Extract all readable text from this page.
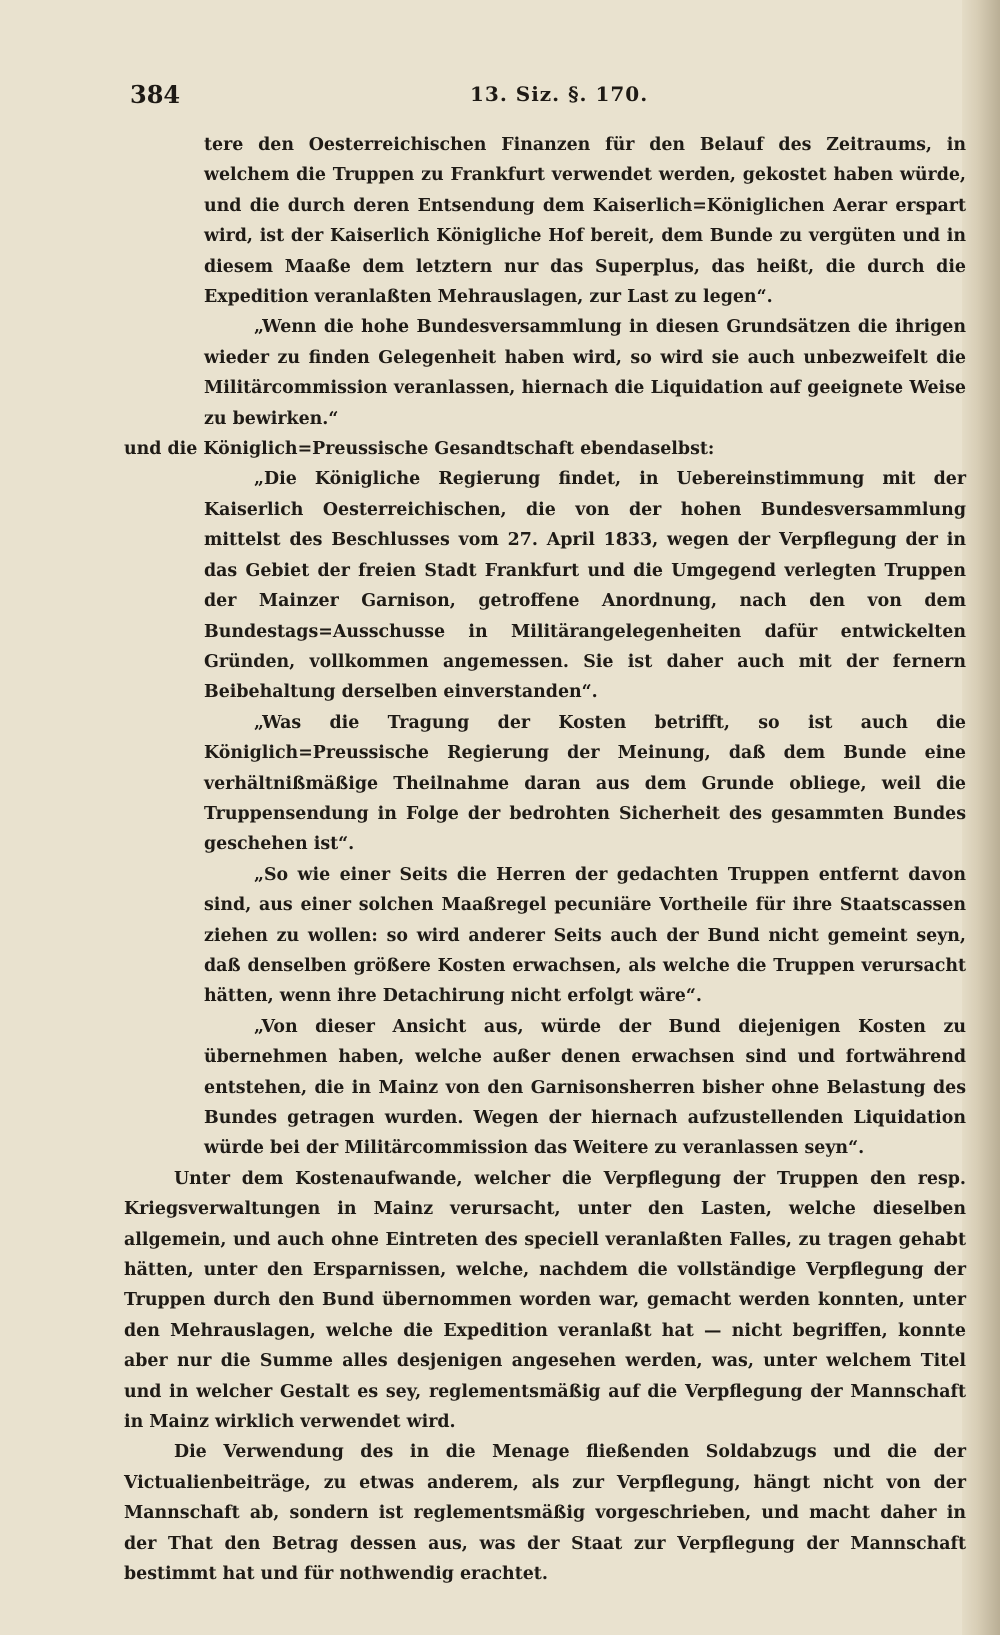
384	13. Siz. §. 170.

tere den Oesterreichischen Finanzen für den Belauf des Zeitraums, in welchem die Truppen zu Frankfurt verwendet werden, gekostet haben würde, und die durch deren Entsendung dem Kaiserlich=Königlichen Aerar erspart wird, ist der Kaiserlich Königliche Hof bereit, dem Bunde zu vergüten und in diesem Maaße dem letztern nur das Superplus, das heißt, die durch die Expedition veranlaßten Mehrauslagen, zur Last zu legen“.

„Wenn die hohe Bundesversammlung in diesen Grundsätzen die ihrigen wieder zu finden Gelegenheit haben wird, so wird sie auch unbezweifelt die Militärcommission veranlassen, hiernach die Liquidation auf geeignete Weise zu bewirken.“

und die Königlich=Preussische Gesandtschaft ebendaselbst:

„Die Königliche Regierung findet, in Uebereinstimmung mit der Kaiserlich Oesterreichischen, die von der hohen Bundesversammlung mittelst des Beschlusses vom 27. April 1833, wegen der Verpflegung der in das Gebiet der freien Stadt Frankfurt und die Umgegend verlegten Truppen der Mainzer Garnison, getroffene Anordnung, nach den von dem Bundestags=Ausschusse in Militärangelegenheiten dafür entwickelten Gründen, vollkommen angemessen. Sie ist daher auch mit der fernern Beibehaltung derselben einverstanden“.

„Was die Tragung der Kosten betrifft, so ist auch die Königlich=Preussische Regierung der Meinung, daß dem Bunde eine verhältnißmäßige Theilnahme daran aus dem Grunde obliege, weil die Truppensendung in Folge der bedrohten Sicherheit des gesammten Bundes geschehen ist“.

„So wie einer Seits die Herren der gedachten Truppen entfernt davon sind, aus einer solchen Maaßregel pecuniäre Vortheile für ihre Staatscassen ziehen zu wollen: so wird anderer Seits auch der Bund nicht gemeint seyn, daß denselben größere Kosten erwachsen, als welche die Truppen verursacht hätten, wenn ihre Detachirung nicht erfolgt wäre“.

„Von dieser Ansicht aus, würde der Bund diejenigen Kosten zu übernehmen haben, welche außer denen erwachsen sind und fortwährend entstehen, die in Mainz von den Garnisonsherren bisher ohne Belastung des Bundes getragen wurden. Wegen der hiernach aufzustellenden Liquidation würde bei der Militärcommission das Weitere zu veranlassen seyn“.

Unter dem Kostenaufwande, welcher die Verpflegung der Truppen den resp. Kriegsverwaltungen in Mainz verursacht, unter den Lasten, welche dieselben allgemein, und auch ohne Eintreten des speciell veranlaßten Falles, zu tragen gehabt hätten, unter den Ersparnissen, welche, nachdem die vollständige Verpflegung der Truppen durch den Bund übernommen worden war, gemacht werden konnten, unter den Mehrauslagen, welche die Expedition veranlaßt hat — nicht begriffen, konnte aber nur die Summe alles desjenigen angesehen werden, was, unter welchem Titel und in welcher Gestalt es sey, reglementsmäßig auf die Verpflegung der Mannschaft in Mainz wirklich verwendet wird.

Die Verwendung des in die Menage fließenden Soldabzugs und die der Victualienbeiträge, zu etwas anderem, als zur Verpflegung, hängt nicht von der Mannschaft ab, sondern ist reglementsmäßig vorgeschrieben, und macht daher in der That den Betrag dessen aus, was der Staat zur Verpflegung der Mannschaft bestimmt hat und für nothwendig erachtet.
